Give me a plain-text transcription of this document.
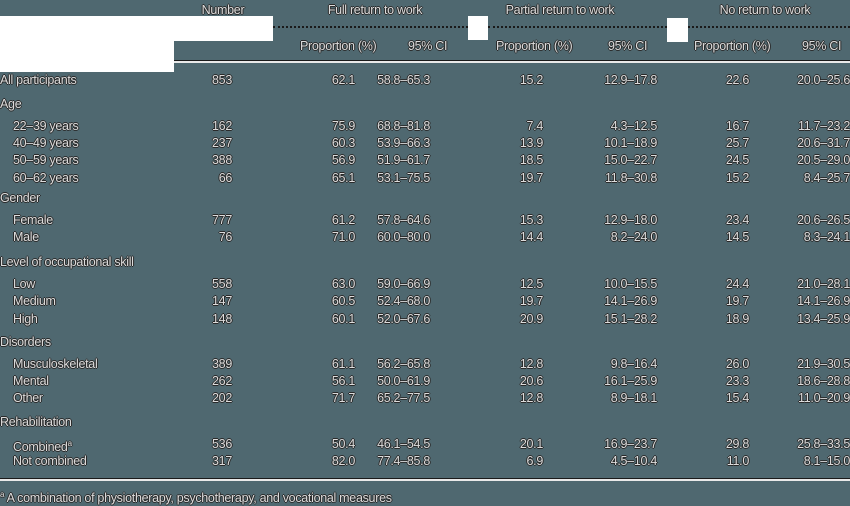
Number	Full return to work	Partial return to work	No return to work
Proportion (%)	95% CI	Proportion (%)	95% CI	Proportion (%)	95% CI
All participants	853	62.1 58.8–65.3	15.2	12.9–17.8	22.6	20.0–25.6
Age
22–39 years	162	75.9 68.8–81.8	7.4	4.3–12.5	16.7	11.7–23.2
40–49 years	237	60.3 53.9–66.3	13.9	10.1–18.9	25.7	20.6–31.7
50–59 years	388	56.9 51.9–61.7	18.5	15.0–22.7	24.5	20.5–29.0
60–62 years	66	65.1 53.1–75.5	19.7	11.8–30.8	15.2	8.4–25.7
Gender
Female	777	61.2 57.8–64.6	15.3	12.9–18.0	23.4	20.6–26.5
Male	76	71.0 60.0–80.0	14.4	8.2–24.0	14.5	8.3–24.1
Level of occupational skill
Low	558	63.0 59.0–66.9	12.5	10.0–15.5	24.4	21.0–28.1
Medium	147	60.5 52.4–68.0	19.7	14.1–26.9	19.7	14.1–26.9
High	148	60.1 52.0–67.6	20.9	15.1–28.2	18.9	13.4–25.9
Disorders
Musculoskeletal	389	61.1 56.2–65.8	12.8	9.8–16.4	26.0	21.9–30.5
Mental	262	56.1 50.0–61.9	20.6	16.1–25.9	23.3	18.6–28.8
Other	202	71.7 65.2–77.5	12.8	8.9–18.1	15.4	11.0–20.9
Rehabilitation
Combined$^a$	536	50.4 46.1–54.5	20.1	16.9–23.7	29.8	25.8–33.5
Not combined	317	82.0 77.4–85.8	6.9	4.5–10.4	11.0	8.1–15.0
$^a$ A combination of physiotherapy, psychotherapy, and vocational measures
